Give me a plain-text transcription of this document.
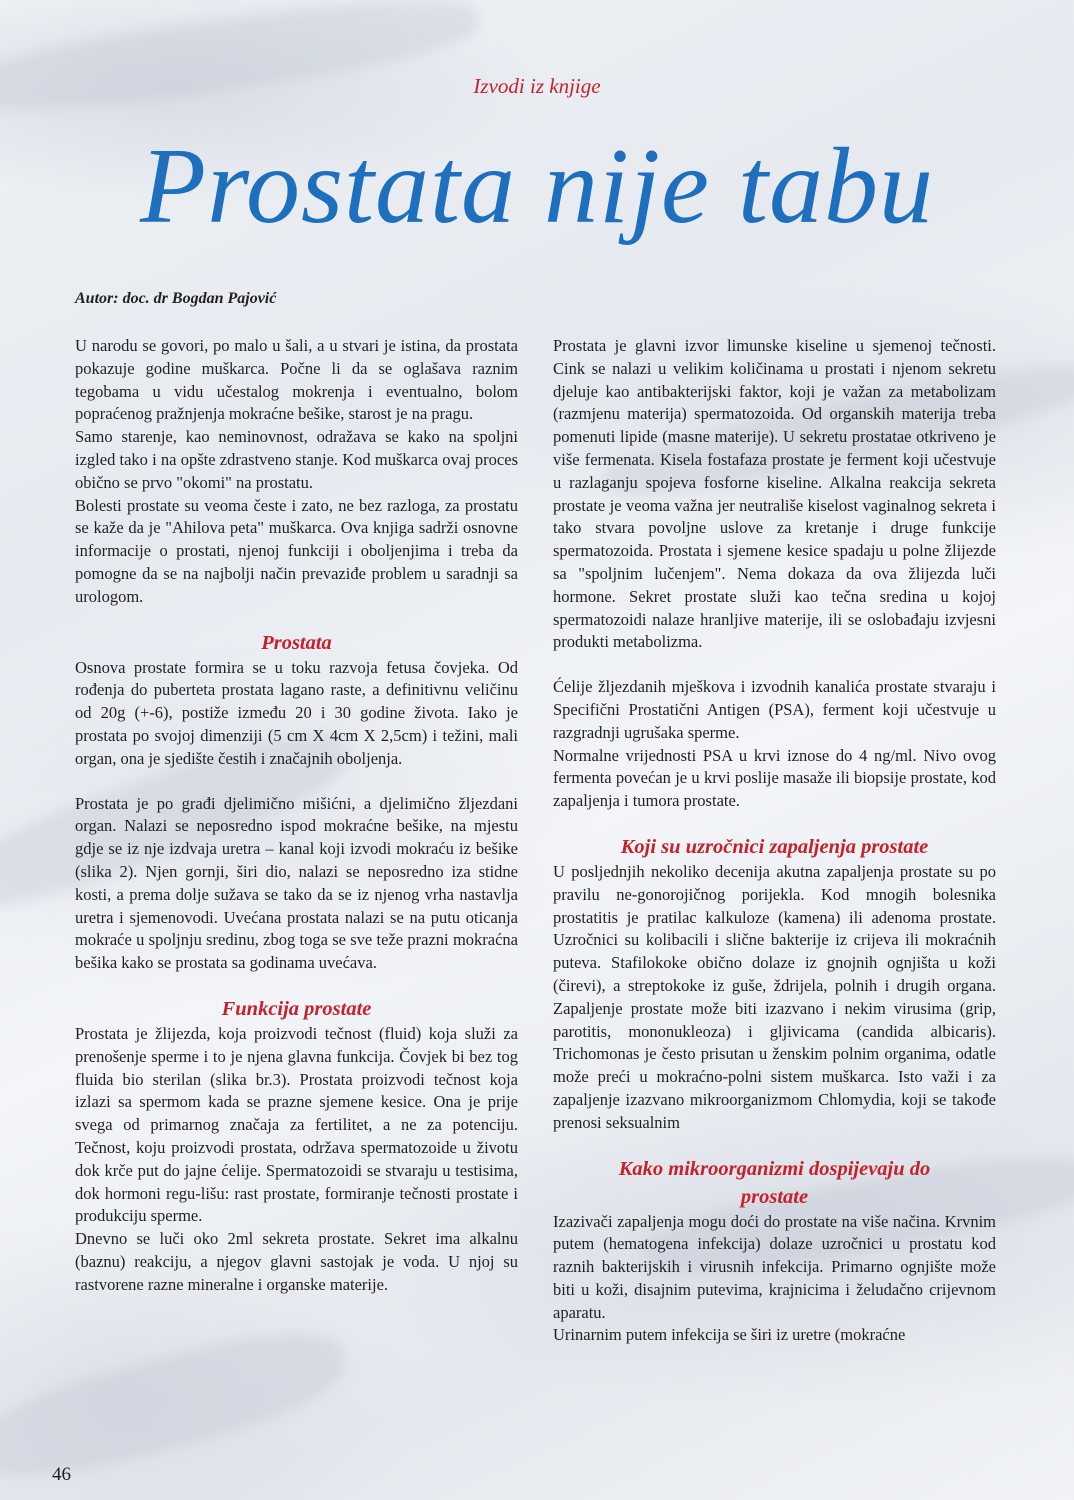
Izvodi iz knjige
Prostata nije tabu
Autor: doc. dr Bogdan Pajović

U narodu se govori, po malo u šali, a u stvari je istina, da prostata pokazuje godine muškarca. Počne li da se oglašava raznim tegobama u vidu učestalog mokrenja i eventualno, bolom popraćenog pražnjenja mokraćne bešike, starost je na pragu.

Samo starenje, kao neminovnost, odražava se kako na spoljni izgled tako i na opšte zdrastveno stanje. Kod muškarca ovaj proces obično se prvo "okomi" na prostatu.

Bolesti prostate su veoma česte i zato, ne bez razloga, za prostatu se kaže da je "Ahilova peta" muškarca. Ova knjiga sadrži osnovne informacije o prostati, njenoj funkciji i oboljenjima i treba da pomogne da se na najbolji način prevaziđe problem u saradnji sa urologom.

Prostata

Osnova prostate formira se u toku razvoja fetusa čovjeka. Od rođenja do puberteta prostata lagano raste, a definitivnu veličinu od 20g (+-6), postiže između 20 i 30 godine života. Iako je prostata po svojoj dimenziji (5 cm X 4cm X 2,5cm) i težini, mali organ, ona je sjedište čestih i značajnih oboljenja.

Prostata je po građi djelimično mišićni, a djelimično žljezdani organ. Nalazi se neposredno ispod mokraćne bešike, na mjestu gdje se iz nje izdvaja uretra – kanal koji izvodi mokraću iz bešike (slika 2). Njen gornji, širi dio, nalazi se neposredno iza stidne kosti, a prema dolje sužava se tako da se iz njenog vrha nastavlja uretra i sjemenovodi. Uvećana prostata nalazi se na putu oticanja mokraće u spoljnju sredinu, zbog toga se sve teže prazni mokraćna bešika kako se prostata sa godinama uvećava.

Funkcija prostate

Prostata je žlijezda, koja proizvodi tečnost (fluid) koja služi za prenošenje sperme i to je njena glavna funkcija. Čovjek bi bez tog fluida bio sterilan (slika br.3). Prostata proizvodi tečnost koja izlazi sa spermom kada se prazne sjemene kesice. Ona je prije svega od primarnog značaja za fertilitet, a ne za potenciju. Tečnost, koju proizvodi prostata, održava spermatozoide u životu dok krče put do jajne ćelije. Spermatozoidi se stvaraju u testisima, dok hormoni regu-lišu: rast prostate, formiranje tečnosti prostate i produkciju sperme.

Dnevno se luči oko 2ml sekreta prostate. Sekret ima alkalnu (baznu) reakciju, a njegov glavni sastojak je voda. U njoj su rastvorene razne mineralne i organske materije.

Prostata je glavni izvor limunske kiseline u sjemenoj tečnosti. Cink se nalazi u velikim količinama u prostati i njenom sekretu djeluje kao antibakterijski faktor, koji je važan za metabolizam (razmjenu materija) spermatozoida. Od organskih materija treba pomenuti lipide (masne materije). U sekretu prostatae otkriveno je više fermenata. Kisela fostafaza prostate je ferment koji učestvuje u razlaganju spojeva fosforne kiseline. Alkalna reakcija sekreta prostate je veoma važna jer neutrališe kiselost vaginalnog sekreta i tako stvara povoljne uslove za kretanje i druge funkcije spermatozoida. Prostata i sjemene kesice spadaju u polne žlijezde sa "spoljnim lučenjem". Nema dokaza da ova žlijezda luči hormone. Sekret prostate služi kao tečna sredina u kojoj spermatozoidi nalaze hranljive materije, ili se oslobađaju izvjesni produkti metabolizma.

Ćelije žljezdanih mješkova i izvodnih kanalića prostate stvaraju i Specifični Prostatični Antigen (PSA), ferment koji učestvuje u razgradnji ugrušaka sperme.

Normalne vrijednosti PSA u krvi iznose do 4 ng/ml. Nivo ovog fermenta povećan je u krvi poslije masaže ili biopsije prostate, kod zapaljenja i tumora prostate.

Koji su uzročnici zapaljenja prostate

U posljednjih nekoliko decenija akutna zapaljenja prostate su po pravilu ne-gonorojičnog porijekla. Kod mnogih bolesnika prostatitis je pratilac kalkuloze (kamena) ili adenoma prostate. Uzročnici su kolibacili i slične bakterije iz crijeva ili mokraćnih puteva. Stafilokoke obično dolaze iz gnojnih ognjišta u koži (čirevi), a streptokoke iz guše, ždrijela, polnih i drugih organa. Zapaljenje prostate može biti izazvano i nekim virusima (grip, parotitis, mononukleoza) i gljivicama (candida albicaris). Trichomonas je često prisutan u ženskim polnim organima, odatle može preći u mokraćno-polni sistem muškarca. Isto važi i za zapaljenje izazvano mikroorganizmom Chlomydia, koji se takođe prenosi seksualnim

Kako mikroorganizmi dospijevaju do prostate

Izazivači zapaljenja mogu doći do prostate na više načina. Krvnim putem (hematogena infekcija) dolaze uzročnici u prostatu kod raznih bakterijskih i virusnih infekcija. Primarno ognjište može biti u koži, disajnim putevima, krajnicima i želudačno crijevnom aparatu.

Urinarnim putem infekcija se širi iz uretre (mokraćne

46
